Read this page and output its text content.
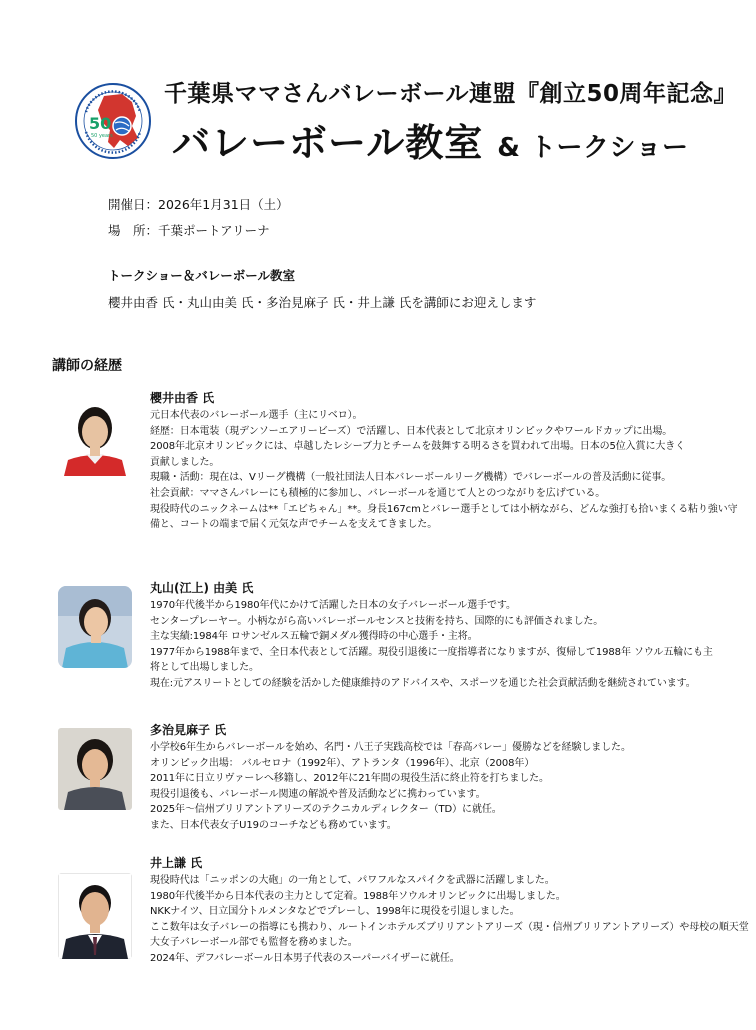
50
50 years
千葉県ママさんバレーボール連盟『創立50周年記念』
バレーボール教室 & トークショー
開催日：2026年1月31日（土）
場　所：千葉ポートアリーナ
トークショー＆バレーボール教室
櫻井由香 氏・丸山由美 氏・多治見麻子 氏・井上謙 氏を講師にお迎えします
講師の経歴
櫻井由香 氏
元日本代表のバレーボール選手（主にリベロ）。
経歴：日本電装（現デンソーエアリービーズ）で活躍し、日本代表として北京オリンピックやワールドカップに出場。
2008年北京オリンピックには、卓越したレシーブ力とチームを鼓舞する明るさを買われて出場。日本の5位入賞に大きく
貢献しました。
現職・活動：現在は、Vリーグ機構（一般社団法人日本バレーボールリーグ機構）でバレーボールの普及活動に従事。
社会貢献：ママさんバレーにも積極的に参加し、バレーボールを通じて人とのつながりを広げている。
現役時代のニックネームは**「エビちゃん」**。身長167cmとバレー選手としては小柄ながら、どんな強打も拾いまくる粘り強い守
備と、コートの端まで届く元気な声でチームを支えてきました。
丸山(江上) 由美 氏
1970年代後半から1980年代にかけて活躍した日本の女子バレーボール選手です。
センタープレーヤー。小柄ながら高いバレーボールセンスと技術を持ち、国際的にも評価されました。
主な実績:1984年 ロサンゼルス五輪で銅メダル獲得時の中心選手・主将。
1977年から1988年まで、全日本代表として活躍。現役引退後に一度指導者になりますが、復帰して1988年 ソウル五輪にも主
将として出場しました。
現在:元アスリートとしての経験を活かした健康維持のアドバイスや、スポーツを通じた社会貢献活動を継続されています。
多治見麻子 氏
小学校6年生からバレーボールを始め、名門・八王子実践高校では「春高バレー」優勝などを経験しました。
オリンピック出場： バルセロナ（1992年）、アトランタ（1996年）、北京（2008年）
2011年に日立リヴァーレへ移籍し、2012年に21年間の現役生活に終止符を打ちました。
現役引退後も、バレーボール関連の解説や普及活動などに携わっています。
2025年～信州ブリリアントアリーズのテクニカルディレクター（TD）に就任。
また、日本代表女子U19のコーチなども務めています。
井上謙 氏
現役時代は「ニッポンの大砲」の一角として、パワフルなスパイクを武器に活躍しました。
1980年代後半から日本代表の主力として定着。1988年ソウルオリンピックに出場しました。
NKKナイツ、日立国分トルメンタなどでプレーし、1998年に現役を引退しました。
ここ数年は女子バレーの指導にも携わり、ルートインホテルズブリリアントアリーズ（現・信州ブリリアントアリーズ）や母校の順天堂
大女子バレーボール部でも監督を務めました。
2024年、デフバレーボール日本男子代表のスーパーバイザーに就任。
